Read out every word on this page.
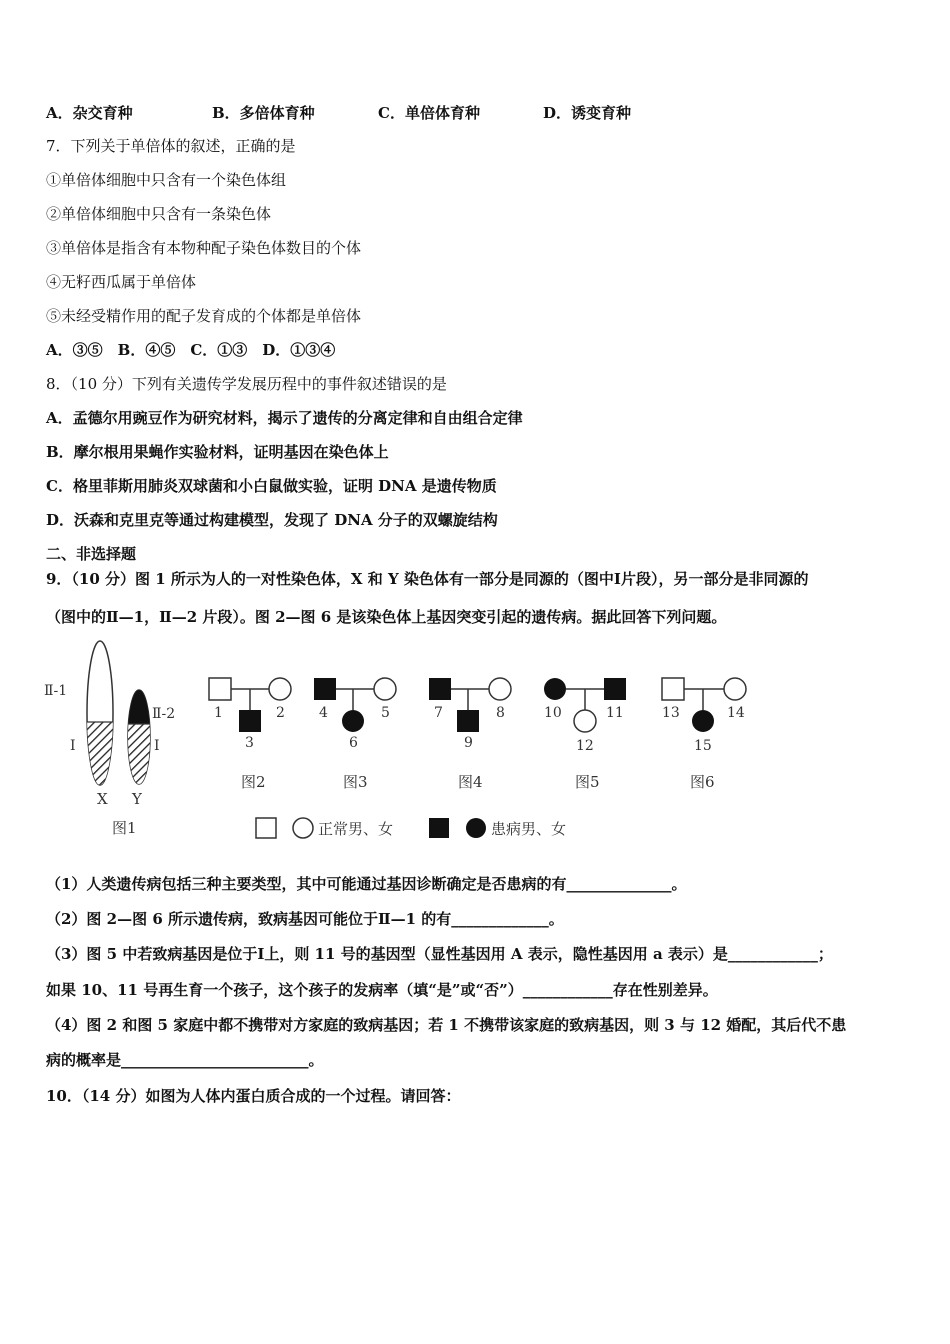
A．杂交育种	B．多倍体育种	C．单倍体育种	D．诱变育种
7．下列关于单倍体的叙述，正确的是
①单倍体细胞中只含有一个染色体组
②单倍体细胞中只含有一条染色体
③单倍体是指含有本物种配子染色体数目的个体
④无籽西瓜属于单倍体
⑤未经受精作用的配子发育成的个体都是单倍体
A．③⑤　B．④⑤　C．①③　D．①③④
8．（10 分）下列有关遗传学发展历程中的事件叙述错误的是
A．孟德尔用豌豆作为研究材料，揭示了遗传的分离定律和自由组合定律
B．摩尔根用果蝇作实验材料，证明基因在染色体上
C．格里菲斯用肺炎双球菌和小白鼠做实验，证明 DNA 是遗传物质
D．沃森和克里克等通过构建模型，发现了 DNA 分子的双螺旋结构
二、非选择题
9．（10 分）图 1 所示为人的一对性染色体，X 和 Y 染色体有一部分是同源的（图中Ⅰ片段），另一部分是非同源的
（图中的Ⅱ—1，Ⅱ—2 片段）。图 2—图 6 是该染色体上基因突变引起的遗传病。据此回答下列问题。
Ⅱ-1
Ⅰ
Ⅱ-2
Ⅰ
X Y
图1
1	2
3
图2
4	5
6
图3
7	8
9
图4
10	11
12
图5
13	14
15
图6
正常男、女	患病男、女
（1）人类遗传病包括三种主要类型，其中可能通过基因诊断确定是否患病的有______________。
（2）图 2—图 6 所示遗传病，致病基因可能位于Ⅱ—1 的有_____________。
（3）图 5 中若致病基因是位于Ⅰ上，则 11 号的基因型（显性基因用 A 表示，隐性基因用 a 表示）是____________；
如果 10、11 号再生育一个孩子，这个孩子的发病率（填“是”或“否”）____________存在性别差异。
（4）图 2 和图 5 家庭中都不携带对方家庭的致病基因；若 1 不携带该家庭的致病基因，则 3 与 12 婚配，其后代不患
病的概率是_________________________。
10．（14 分）如图为人体内蛋白质合成的一个过程。请回答：
